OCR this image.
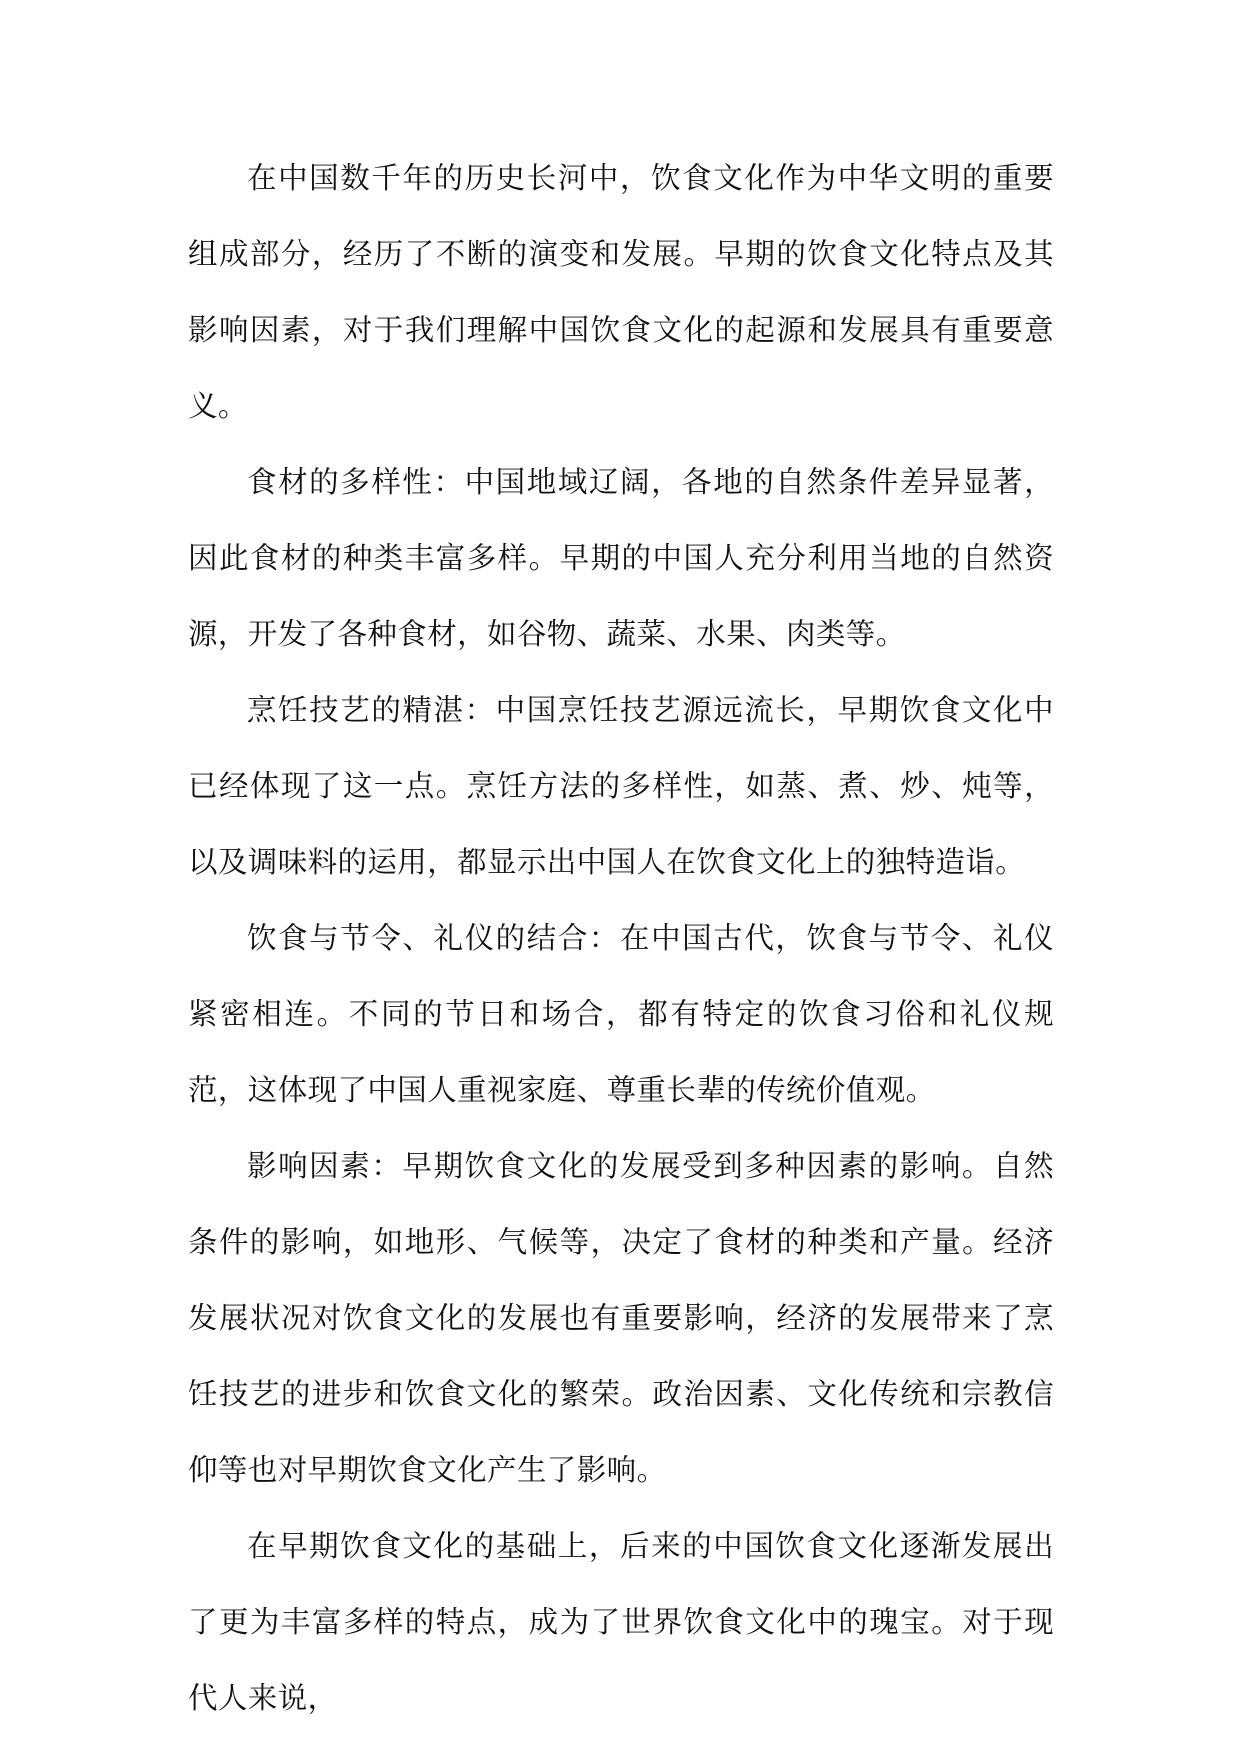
在中国数千年的历史长河中，饮食文化作为中华文明的重要组成部分，经历了不断的演变和发展。早期的饮食文化特点及其影响因素，对于我们理解中国饮食文化的起源和发展具有重要意义。

食材的多样性：中国地域辽阔，各地的自然条件差异显著，因此食材的种类丰富多样。早期的中国人充分利用当地的自然资源，开发了各种食材，如谷物、蔬菜、水果、肉类等。

烹饪技艺的精湛：中国烹饪技艺源远流长，早期饮食文化中已经体现了这一点。烹饪方法的多样性，如蒸、煮、炒、炖等，以及调味料的运用，都显示出中国人在饮食文化上的独特造诣。

饮食与节令、礼仪的结合：在中国古代，饮食与节令、礼仪紧密相连。不同的节日和场合，都有特定的饮食习俗和礼仪规范，这体现了中国人重视家庭、尊重长辈的传统价值观。

影响因素：早期饮食文化的发展受到多种因素的影响。自然条件的影响，如地形、气候等，决定了食材的种类和产量。经济发展状况对饮食文化的发展也有重要影响，经济的发展带来了烹饪技艺的进步和饮食文化的繁荣。政治因素、文化传统和宗教信仰等也对早期饮食文化产生了影响。

在早期饮食文化的基础上，后来的中国饮食文化逐渐发展出了更为丰富多样的特点，成为了世界饮食文化中的瑰宝。对于现代人来说，
